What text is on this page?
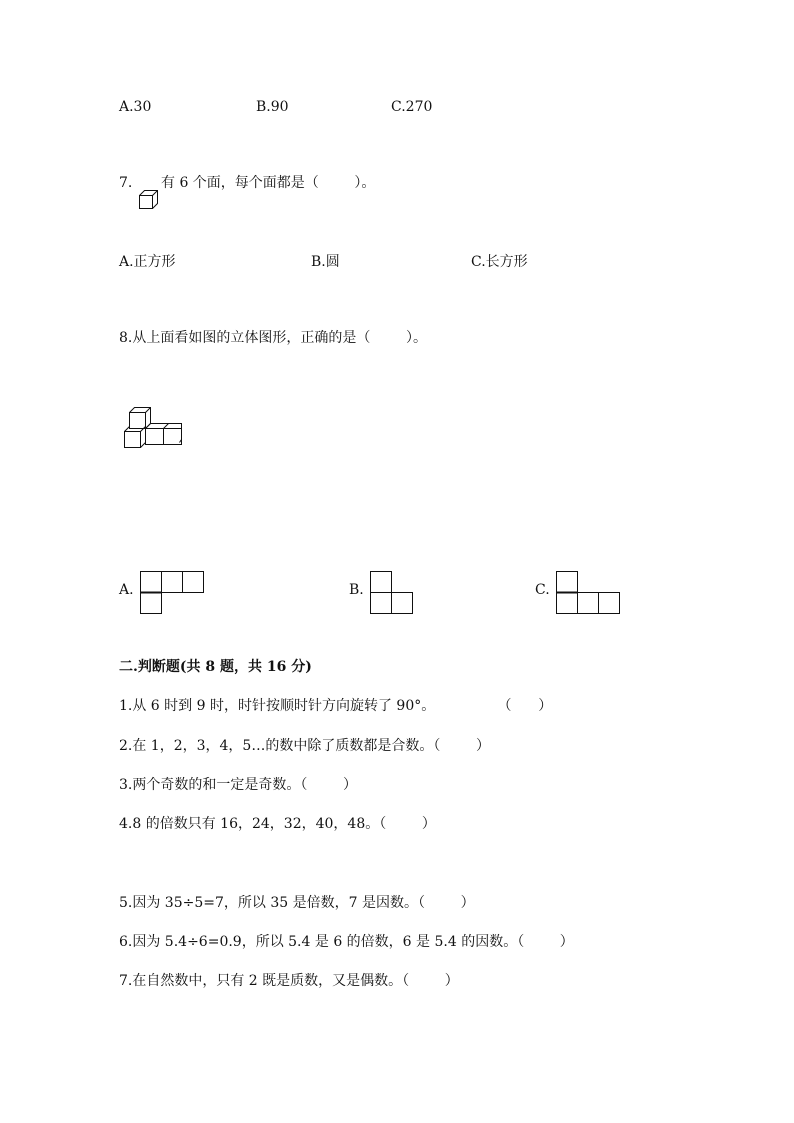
A.30	B.90	C.270
7. 有 6 个面，每个面都是（        ）。
A.正方形	B.圆	C.长方形
8.从上面看如图的立体图形，正确的是（        ）。
A.	B.	C.
二.判断题(共 8 题，共 16 分)
1.从 6 时到 9 时，时针按顺时针方向旋转了 90°。              （      ）
2.在 1，2，3，4，5…的数中除了质数都是合数。（        ）
3.两个奇数的和一定是奇数。（        ）
4.8 的倍数只有 16，24，32，40，48。（        ）
5.因为 35÷5=7，所以 35 是倍数，7 是因数。（        ）
6.因为 5.4÷6=0.9，所以 5.4 是 6 的倍数，6 是 5.4 的因数。（        ）
7.在自然数中，只有 2 既是质数，又是偶数。（        ）
